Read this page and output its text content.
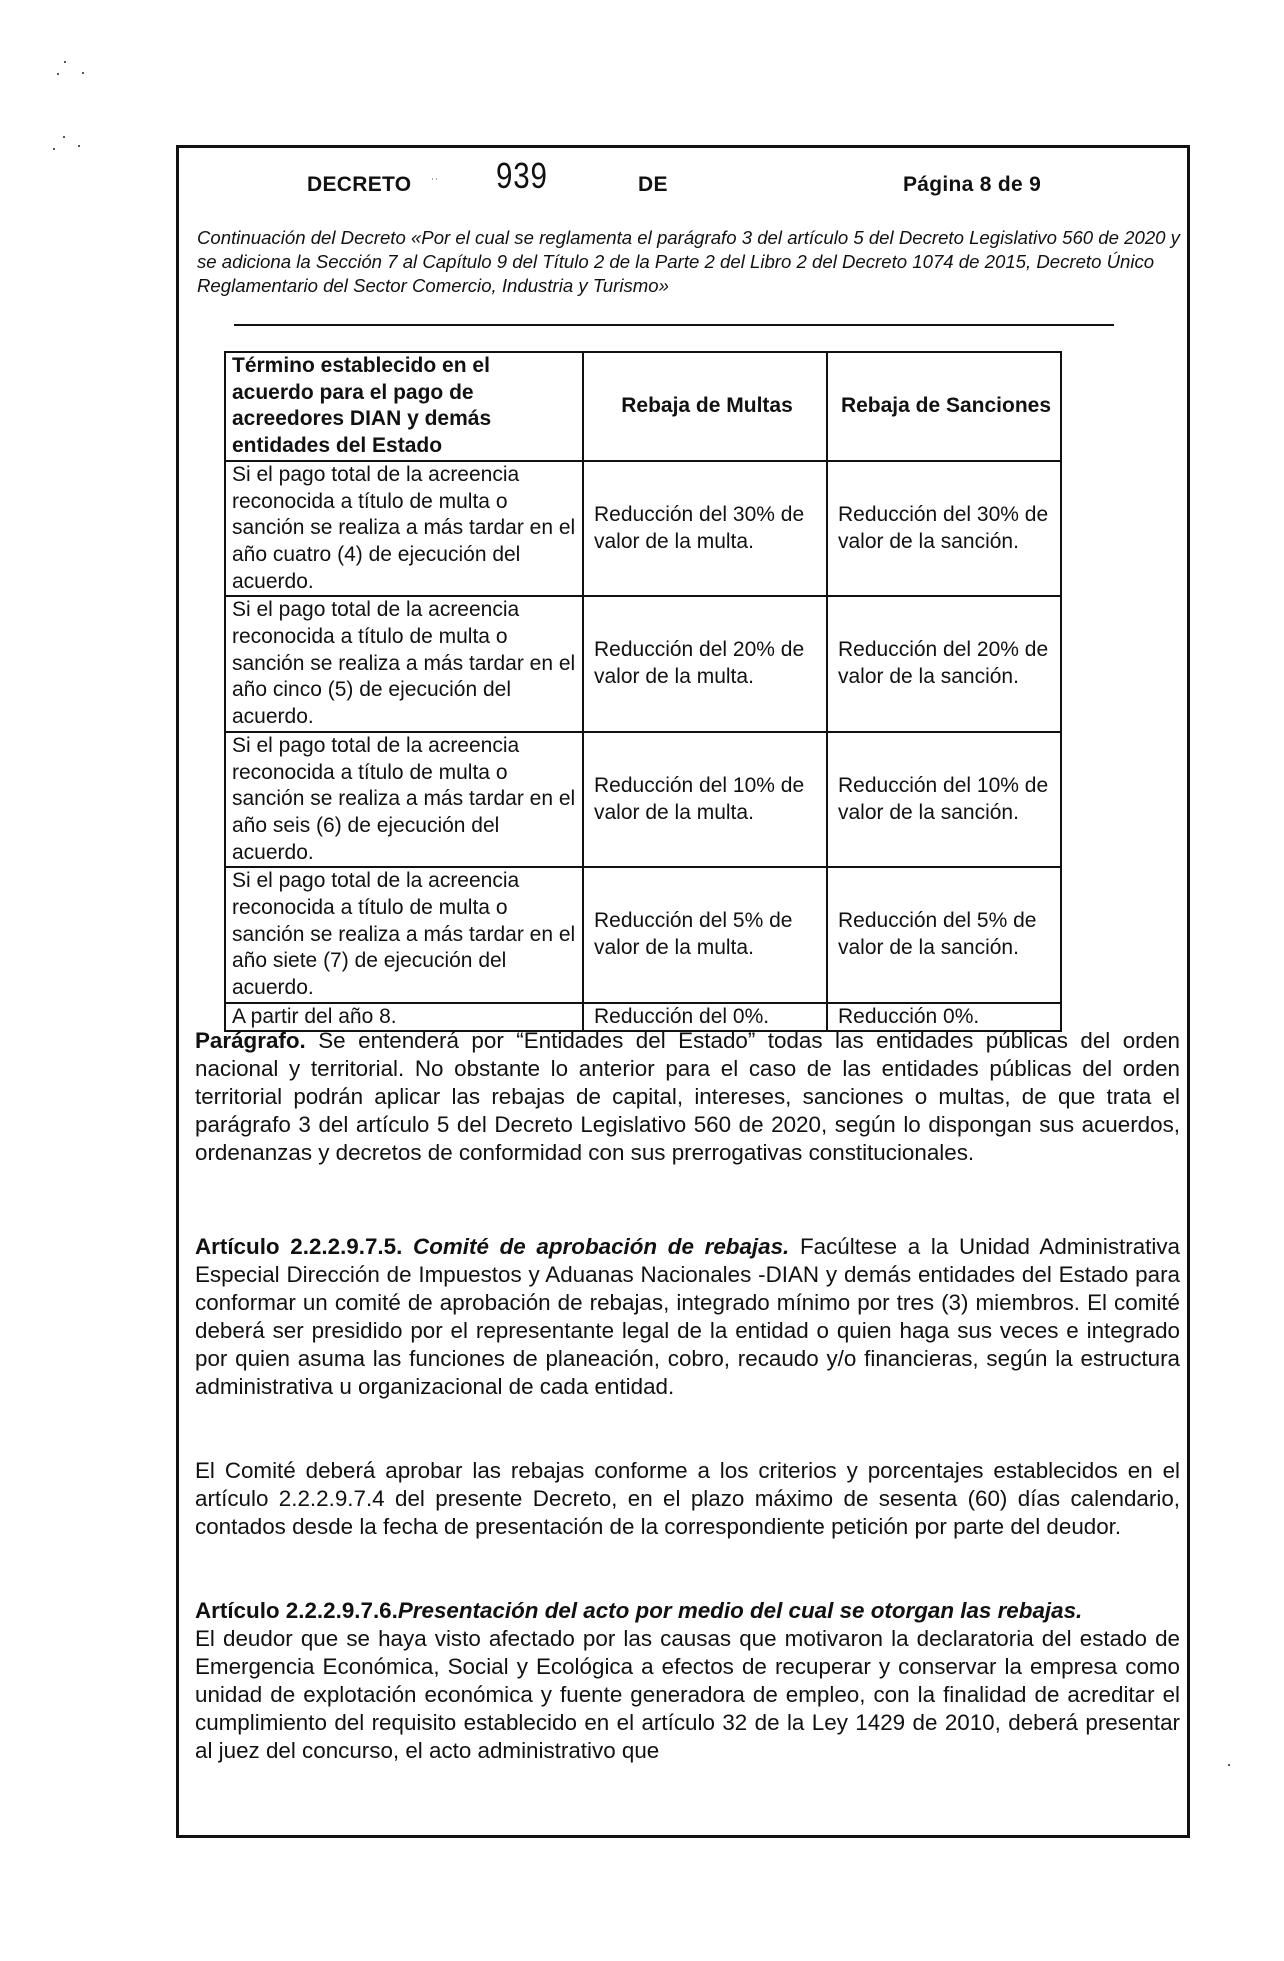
DECRETO ˙˙ 939	DE	Página 8 de 9
Continuación del Decreto «Por el cual se reglamenta el parágrafo 3 del artículo 5 del Decreto Legislativo 560 de 2020 y se adiciona la Sección 7 al Capítulo 9 del Título 2 de la Parte 2 del Libro 2 del Decreto 1074 de 2015, Decreto Único Reglamentario del Sector Comercio, Industria y Turismo»
Término establecido en el acuerdo para el pago de acreedores DIAN y demás entidades del Estado	Rebaja de Multas	Rebaja de Sanciones
Si el pago total de la acreencia reconocida a título de multa o sanción se realiza a más tardar en el año cuatro (4) de ejecución del acuerdo.	Reducción del 30% de valor de la multa.	Reducción del 30% de valor de la sanción.
Si el pago total de la acreencia reconocida a título de multa o sanción se realiza a más tardar en el año cinco (5) de ejecución del acuerdo.	Reducción del 20% de valor de la multa.	Reducción del 20% de valor de la sanción.
Si el pago total de la acreencia reconocida a título de multa o sanción se realiza a más tardar en el año seis (6) de ejecución del acuerdo.	Reducción del 10% de valor de la multa.	Reducción del 10% de valor de la sanción.
Si el pago total de la acreencia reconocida a título de multa o sanción se realiza a más tardar en el año siete (7) de ejecución del acuerdo.	Reducción del 5% de valor de la multa.	Reducción del 5% de valor de la sanción.
A partir del año 8.	Reducción del 0%.	Reducción 0%.

Parágrafo. Se entenderá por “Entidades del Estado” todas las entidades públicas del orden nacional y territorial. No obstante lo anterior para el caso de las entidades públicas del orden territorial podrán aplicar las rebajas de capital, intereses, sanciones o multas, de que trata el parágrafo 3 del artículo 5 del Decreto Legislativo 560 de 2020, según lo dispongan sus acuerdos, ordenanzas y decretos de conformidad con sus prerrogativas constitucionales.

Artículo 2.2.2.9.7.5. Comité de aprobación de rebajas. Facúltese a la Unidad Administrativa Especial Dirección de Impuestos y Aduanas Nacionales -DIAN y demás entidades del Estado para conformar un comité de aprobación de rebajas, integrado mínimo por tres (3) miembros. El comité deberá ser presidido por el representante legal de la entidad o quien haga sus veces e integrado por quien asuma las funciones de planeación, cobro, recaudo y/o financieras, según la estructura administrativa u organizacional de cada entidad.

El Comité deberá aprobar las rebajas conforme a los criterios y porcentajes establecidos en el artículo 2.2.2.9.7.4 del presente Decreto, en el plazo máximo de sesenta (60) días calendario, contados desde la fecha de presentación de la correspondiente petición por parte del deudor.

Artículo 2.2.2.9.7.6.Presentación del acto por medio del cual se otorgan las rebajas.

El deudor que se haya visto afectado por las causas que motivaron la declaratoria del estado de Emergencia Económica, Social y Ecológica a efectos de recuperar y conservar la empresa como unidad de explotación económica y fuente generadora de empleo, con la finalidad de acreditar el cumplimiento del requisito establecido en el artículo 32 de la Ley 1429 de 2010, deberá presentar al juez del concurso, el acto administrativo que
